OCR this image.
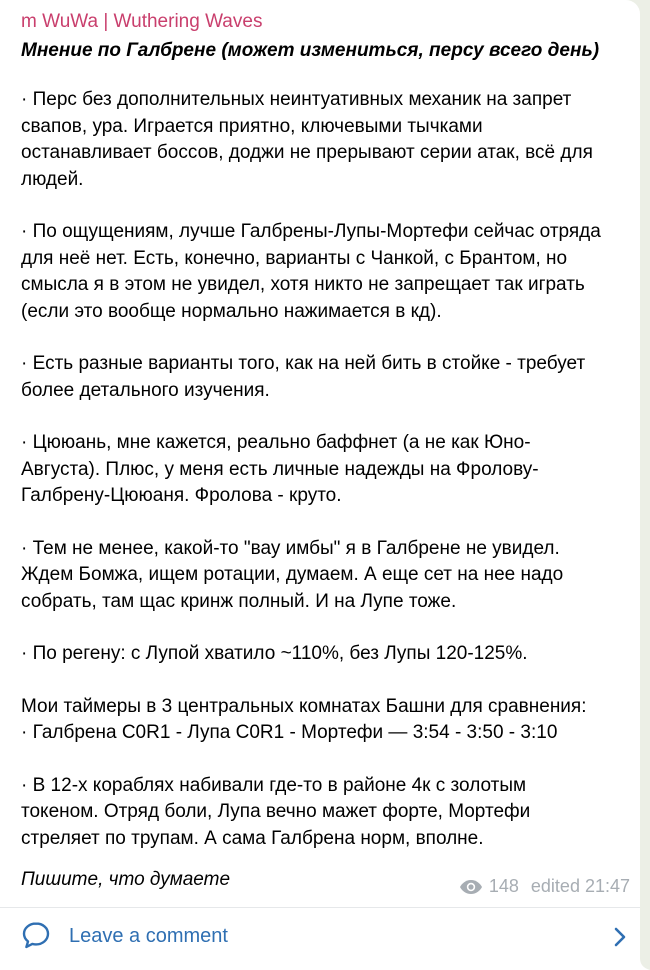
m WuWa | Wuthering Waves
Мнение по Галбрене (может измениться, персу всего день)

· Перс без дополнительных неинтуативных механик на запрет
свапов, ура. Играется приятно, ключевыми тычками
останавливает боссов, доджи не прерывают серии атак, всё для
людей.

· По ощущениям, лучше Галбрены-Лупы-Мортефи сейчас отряда
для неё нет. Есть, конечно, варианты с Чанкой, с Брантом, но
смысла я в этом не увидел, хотя никто не запрещает так играть
(если это вообще нормально нажимается в кд).

· Есть разные варианты того, как на ней бить в стойке - требует
более детального изучения.

· Цююань, мне кажется, реально баффнет (а не как Юно-
Августа). Плюс, у меня есть личные надежды на Фролову-
Галбрену-Цююаня. Фролова - круто.

· Тем не менее, какой-то "вау имбы" я в Галбрене не увидел.
Ждем Бомжа, ищем ротации, думаем. А еще сет на нее надо
собрать, там щас кринж полный. И на Лупе тоже.

· По регену: с Лупой хватило ~110%, без Лупы 120-125%.

Мои таймеры в 3 центральных комнатах Башни для сравнения:
· Галбрена C0R1 - Лупа C0R1 - Мортефи — 3:54 - 3:50 - 3:10

· В 12-х кораблях набивали где-то в районе 4к с золотым
токеном. Отряд боли, Лупа вечно мажет форте, Мортефи
стреляет по трупам. А сама Галбрена норм, вполне.

Пишите, что думаете	148 edited 21:47
Leave a comment
